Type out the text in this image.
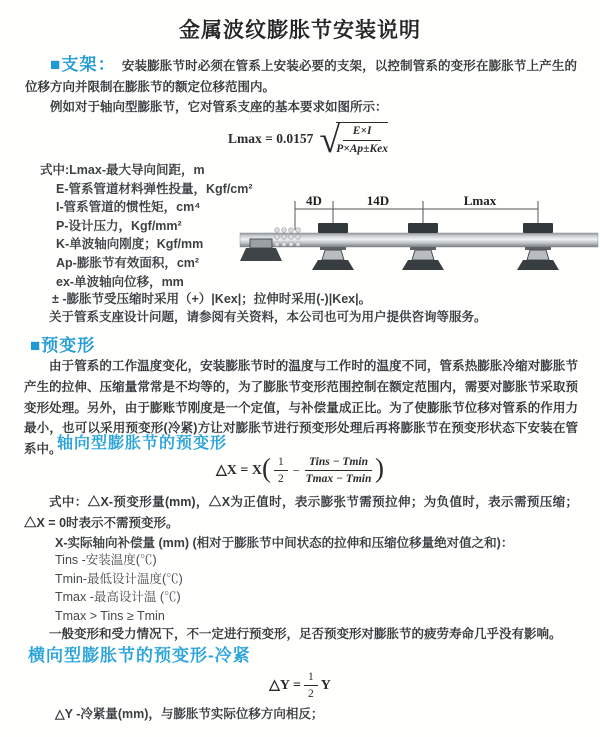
金属波纹膨胀节安装说明
■支架： 安装膨胀节时必须在管系上安装必要的支架，以控制管系的变形在膨胀节上产生的位移方向并限制在膨胀节的额定位移范围内。
例如对于轴向型膨胀节，它对管系支座的基本要求如图所示：
Lmax = 0.0157 √
$\frac{E\times I}{\text{P×Ap±Kex}}$
式中:Lmax-最大导向间距，m
E-管系管道材料弹性投量，Kgf/cm²
I-管系管道的惯性矩，cm⁴
P-设计压力，Kgf/mm²
K-单波轴向刚度；Kgf/mm
Ap-膨胀节有效面积，cm²
ex-单波轴向位移，mm
4D	14D	Lmax
± -膨胀节受压缩时采用（+）|Kex|；拉伸时采用(-)|Kex|。
关于管系支座设计问题，请参阅有关资料，本公司也可为用户提供咨询等服务。
■预变形
由于管系的工作温度变化，安装膨胀节时的温度与工作时的温度不同，管系热膨胀冷缩对膨胀节产生的拉伸、压缩量常常是不均等的，为了膨胀节变形范围控制在额定范围内，需要对膨胀节采取预变形处理。另外，由于膨账节刚度是一个定值，与补偿量成正比。为了使膨胀节位移对管系的作用力最小，也可以采用预变形(冷紧)方让对膨胀节进行预变形处理后再将膨胀节在预变形状态下安装在管系中。
轴向型膨胀节的预变形
△X = X ( $\frac{1}{2} - \frac{\text{Tins − Tmin}}{Tmax - Tmin}$ )
式中：△X-预变形量(mm)，△X为正值时，表示膨张节需预拉伸；为负值时，表示需预压缩；△X = 0时表示不需预变形。
X-实际轴向补偿量 (mm) (相对于膨胀节中间状态的拉伸和压缩位移量绝对值之和)：
Tins -安装温度(℃)
Tmin-最低设计温度(℃)
Tmax -最高设计温 (℃)
Tmax > Tins ≥ Tmin
一般变形和受力情况下，不一定进行预变形，足否预变形对膨胀节的疲劳寿命几乎没有影响。
横向型膨胀节的预变形-冷紧
△Y = $\frac{1}{2}$ Y
△Y -冷紧量(mm)，与膨胀节实际位移方向相反；
